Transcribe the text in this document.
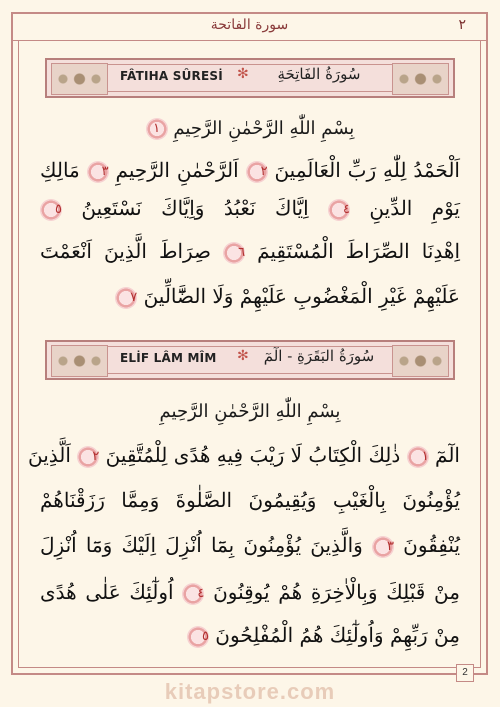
سورة الفاتحة	٢
FÂTIHA SÛRESİ ✻	سُورَةُ الفَاتِحَةِ
بِسْمِ اللّٰهِ الرَّحْمٰنِ الرَّحِيمِ ١
اَلْحَمْدُ لِلّٰهِ رَبِّ الْعَالَمِينَ ٢ اَلرَّحْمٰنِ الرَّحِيمِ ٣ مَالِكِ
يَوْمِ الدِّينِ ٤ اِيَّاكَ نَعْبُدُ وَاِيَّاكَ نَسْتَعِينُ ٥
اِهْدِنَا الصِّرَاطَ الْمُسْتَقِيمَ ٦ صِرَاطَ الَّذِينَ اَنْعَمْتَ
عَلَيْهِمْ غَيْرِ الْمَغْضُوبِ عَلَيْهِمْ وَلَا الضَّٓالِّينَ ٧
ELİF LÂM MÎM ✻	سُورَةُ البَقَرَةِ - الٓمٓ
بِسْمِ اللّٰهِ الرَّحْمٰنِ الرَّحِيمِ
الٓمٓ ١ ذٰلِكَ الْكِتَابُ لَا رَيْبَ فِيهِ هُدًى لِلْمُتَّقِينَ ٢ اَلَّذِينَ
يُؤْمِنُونَ بِالْغَيْبِ وَيُقِيمُونَ الصَّلٰوةَ وَمِمَّا رَزَقْنَاهُمْ
يُنْفِقُونَ ٣ وَالَّذِينَ يُؤْمِنُونَ بِمَٓا اُنْزِلَ اِلَيْكَ وَمَٓا اُنْزِلَ
مِنْ قَبْلِكَ وَبِالْاٰخِرَةِ هُمْ يُوقِنُونَ ٤ اُولٰٓئِكَ عَلٰى هُدًى
مِنْ رَبِّهِمْ وَاُولٰٓئِكَ هُمُ الْمُفْلِحُونَ ٥
2
kitapstore.com
